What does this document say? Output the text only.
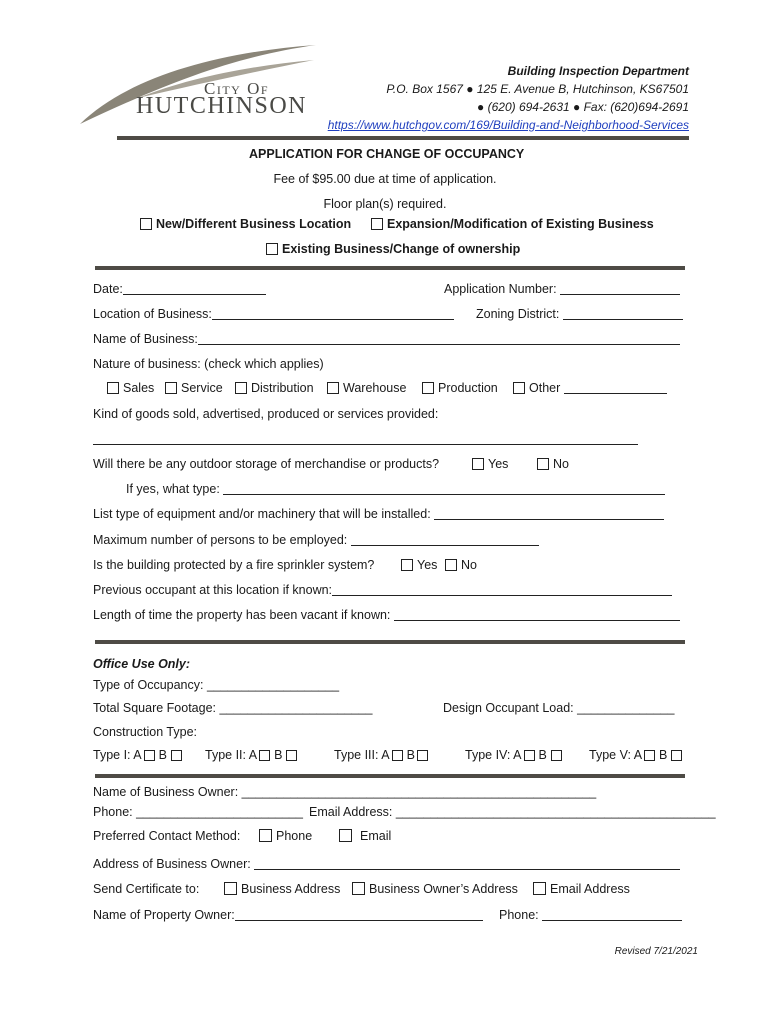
City Of
HUTCHINSON
Building Inspection Department
P.O. Box 1567 ● 125 E. Avenue B, Hutchinson, KS67501
● (620) 694-2631 ● Fax: (620)694-2691
https://www.hutchgov.com/169/Building-and-Neighborhood-Services
APPLICATION FOR CHANGE OF OCCUPANCY
Fee of $95.00 due at time of application.
Floor plan(s) required.
New/Different Business Location	Expansion/Modification of Existing Business
Existing Business/Change of ownership
Date:	Application Number:
Location of Business:	Zoning District:
Name of Business:
Nature of business: (check which applies)
Sales	Service	Distribution	Warehouse	Production	Other
Kind of goods sold, advertised, produced or services provided:
Will there be any outdoor storage of merchandise or products?	Yes	No
If yes, what type:
List type of equipment and/or machinery that will be installed:
Maximum number of persons to be employed:
Is the building protected by a fire sprinkler system?	Yes	No
Previous occupant at this location if known:
Length of time the property has been vacant if known:
Office Use Only:
Type of Occupancy: ___________________
Total Square Footage: ______________________	Design Occupant Load: ______________
Construction Type:
Type I: A B	Type II: A B	Type III: A B	Type IV: A B	Type V: A B
Name of Business Owner: ___________________________________________________
Phone: ________________________ Email Address: ______________________________________________
Preferred Contact Method:	Phone	Email
Address of Business Owner:
Send Certificate to:	Business Address	Business Owner’s Address	Email Address
Name of Property Owner:	Phone:
Revised 7/21/2021
